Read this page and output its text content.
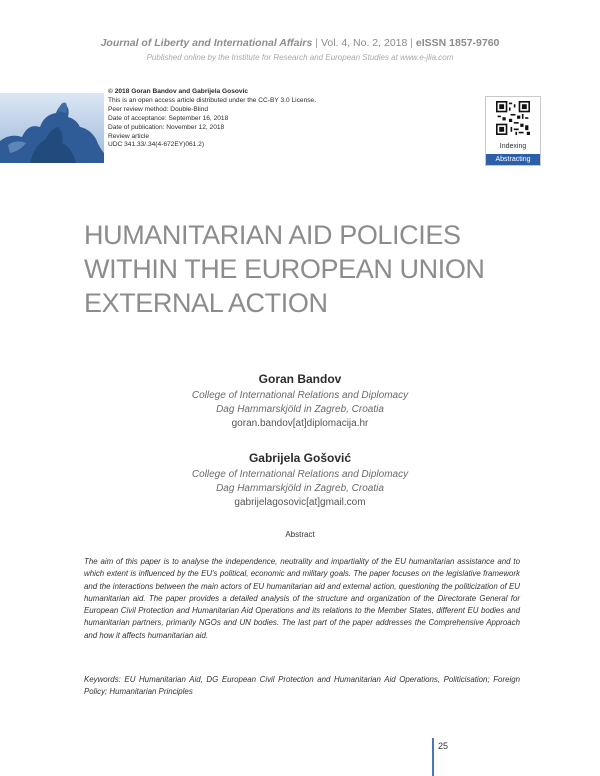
Journal of Liberty and International Affairs | Vol. 4, No. 2, 2018 | eISSN 1857-9760
Published online by the Institute for Research and European Studies at www.e-jlia.com
© 2018 Goran Bandov and Gabrijela Gosovic
This is an open access article distributed under the CC-BY 3.0 License.
Peer review method: Double-Blind
Date of acceptance: September 16, 2018
Date of publication: November 12, 2018
Review article
UDC 341.33/.34(4-672EY)061.2)	Indexing
Abstracting
HUMANITARIAN AID POLICIES
WITHIN THE EUROPEAN UNION
EXTERNAL ACTION
Goran Bandov
College of International Relations and Diplomacy
Dag Hammarskjöld in Zagreb, Croatia
goran.bandov[at]diplomacija.hr
Gabrijela Gošović
College of International Relations and Diplomacy
Dag Hammarskjöld in Zagreb, Croatia
gabrijelagosovic[at]gmail.com
Abstract
The aim of this paper is to analyse the independence, neutrality and impartiality of the EU humanitarian assistance and to which extent is influenced by the EU's political, economic and military goals. The paper focuses on the legislative framework and the interactions between the main actors of EU humanitarian aid and external action, questioning the politicization of EU humanitarian aid. The paper provides a detailed analysis of the structure and organization of the Directorate General for European Civil Protection and Humanitarian Aid Operations and its relations to the Member States, different EU bodies and humanitarian partners, primarily NGOs and UN bodies. The last part of the paper addresses the Comprehensive Approach and how it affects humanitarian aid.
Keywords: EU Humanitarian Aid, DG European Civil Protection and Humanitarian Aid Operations, Politicisation; Foreign Policy; Humanitarian Principles
25
